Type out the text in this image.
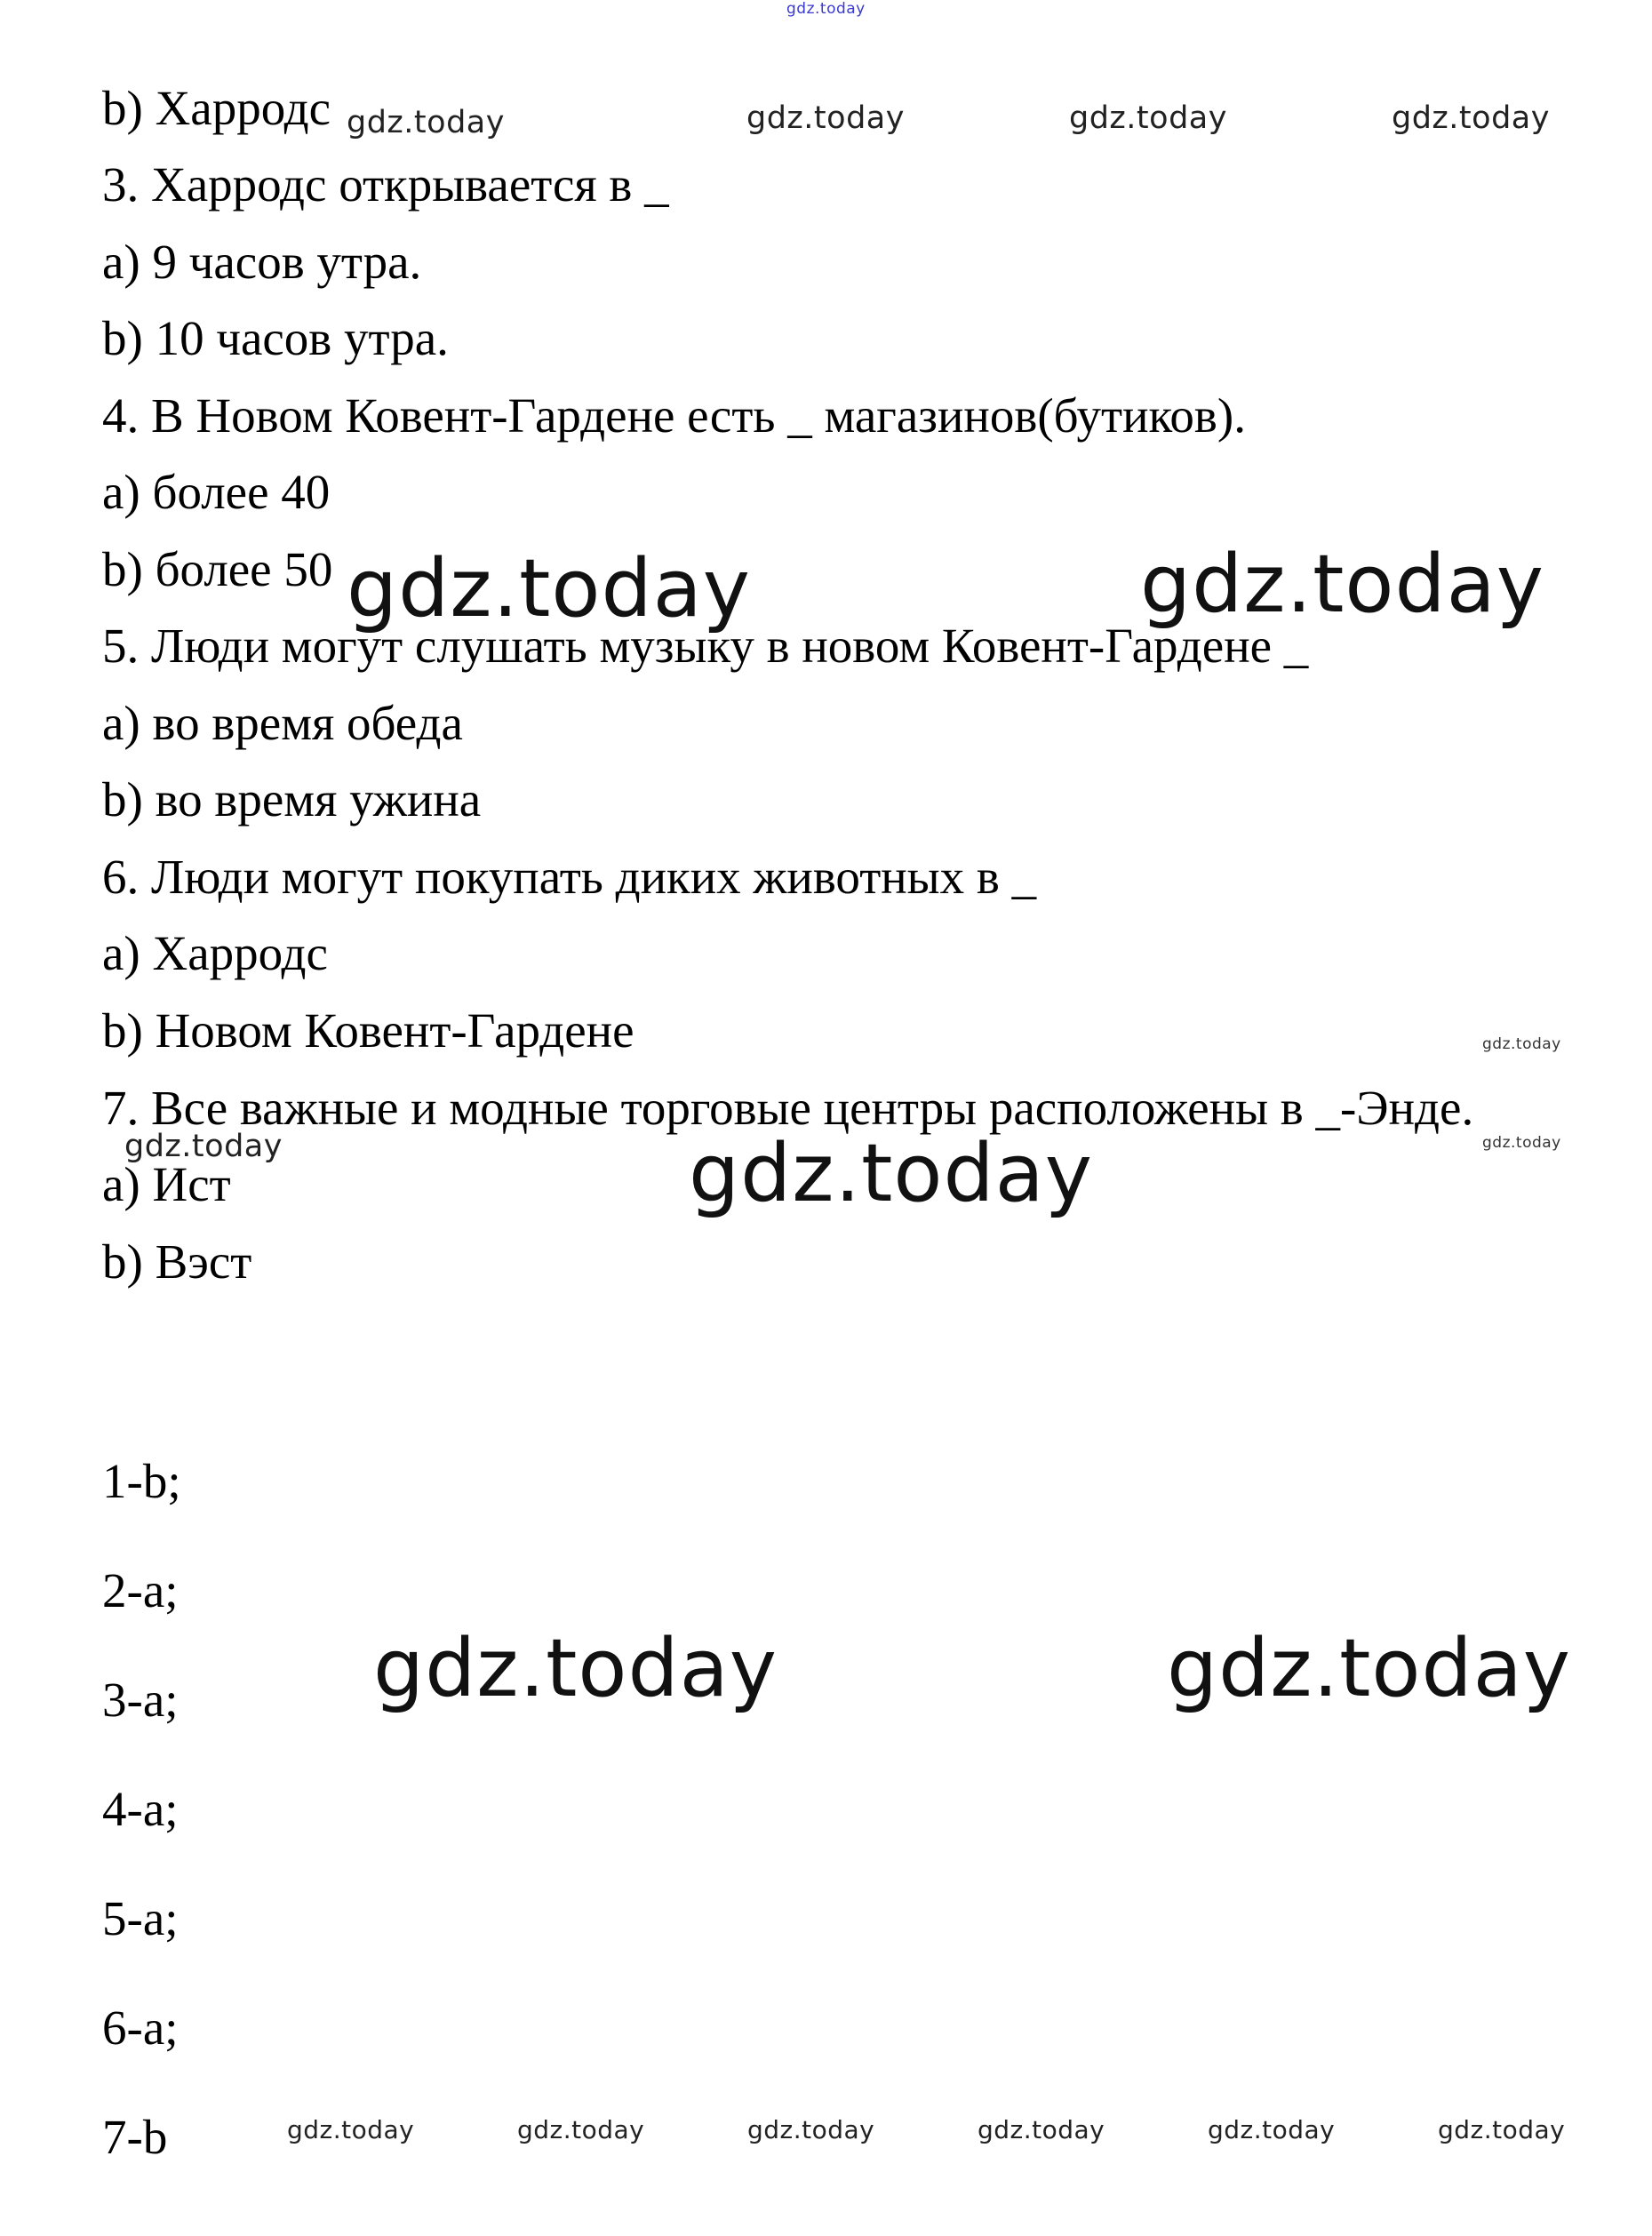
b) Харродс
3. Харродс открывается в _
a) 9 часов утра.
b) 10 часов утра.
4. В Новом Ковент-Гардене есть _ магазинов(бутиков).
a) более 40
b) более 50
5. Люди могут слушать музыку в новом Ковент-Гардене _
a) во время обеда
b) во время ужина
6. Люди могут покупать диких животных в _
a) Харродс
b) Новом Ковент-Гардене
7. Все важные и модные торговые центры расположены в _-Энде.
a) Ист
b) Вэст
1-b;
2-a;
3-a;
4-a;
5-a;
6-a;
7-b
gdz.today
gdz.today	gdz.today	gdz.today	gdz.today
gdz.today	gdz.today
gdz.today
gdz.today
gdz.today	gdz.today
gdz.today	gdz.today
gdz.today	gdz.today	gdz.today	gdz.today	gdz.today	gdz.today
